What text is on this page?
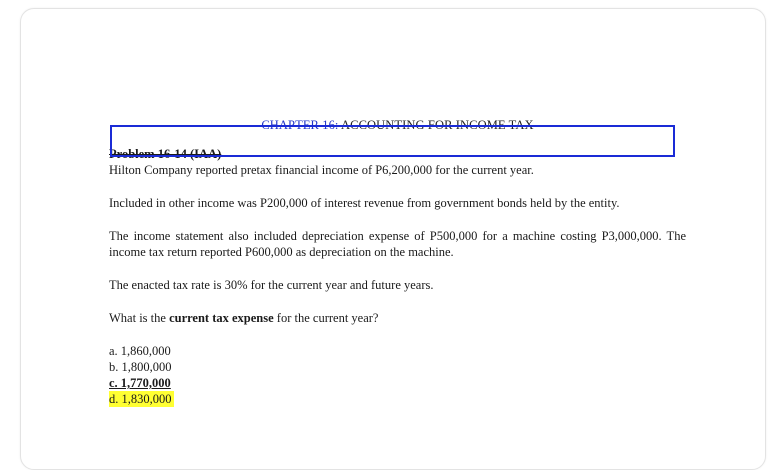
CHAPTER 16: ACCOUNTING FOR INCOME TAX
Problem 16-14 (IAA)

Hilton Company reported pretax financial income of P6,200,000 for the current year.

Included in other income was P200,000 of interest revenue from government bonds held by the entity.

The income statement also included depreciation expense of P500,000 for a machine costing P3,000,000. The income tax return reported P600,000 as depreciation on the machine.

The enacted tax rate is 30% for the current year and future years.

What is the current tax expense for the current year?

a. 1,860,000
b. 1,800,000
c. 1,770,000
d. 1,830,000
